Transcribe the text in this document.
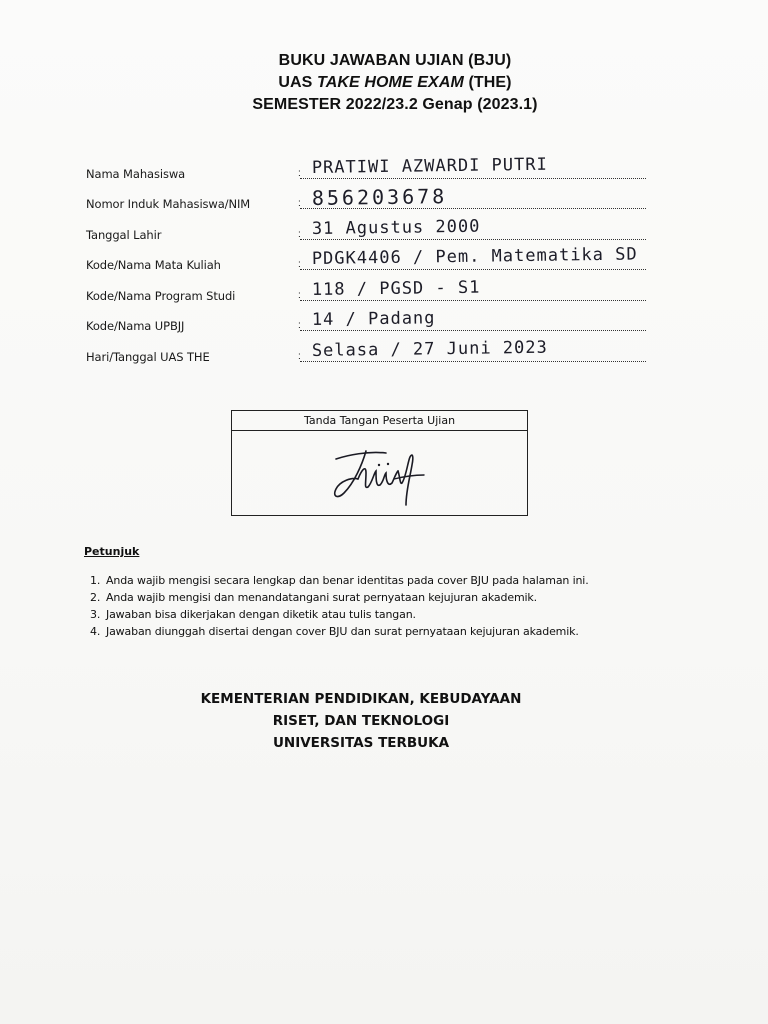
BUKU JAWABAN UJIAN (BJU)
UAS TAKE HOME EXAM (THE)
SEMESTER 2022/23.2 Genap (2023.1)
Nama Mahasiswa	: PRATIWI AZWARDI PUTRI
Nomor Induk Mahasiswa/NIM	: 856203678
Tanggal Lahir	: 31 Agustus 2000
Kode/Nama Mata Kuliah	: PDGK4406 / Pem. Matematika SD
Kode/Nama Program Studi	: 118 / PGSD - S1
Kode/Nama UPBJJ	: 14 / Padang
Hari/Tanggal UAS THE	: Selasa / 27 Juni 2023
Tanda Tangan Peserta Ujian
Petunjuk
1. Anda wajib mengisi secara lengkap dan benar identitas pada cover BJU pada halaman ini.
2. Anda wajib mengisi dan menandatangani surat pernyataan kejujuran akademik.
3. Jawaban bisa dikerjakan dengan diketik atau tulis tangan.
4. Jawaban diunggah disertai dengan cover BJU dan surat pernyataan kejujuran akademik.
KEMENTERIAN PENDIDIKAN, KEBUDAYAAN
RISET, DAN TEKNOLOGI
UNIVERSITAS TERBUKA
